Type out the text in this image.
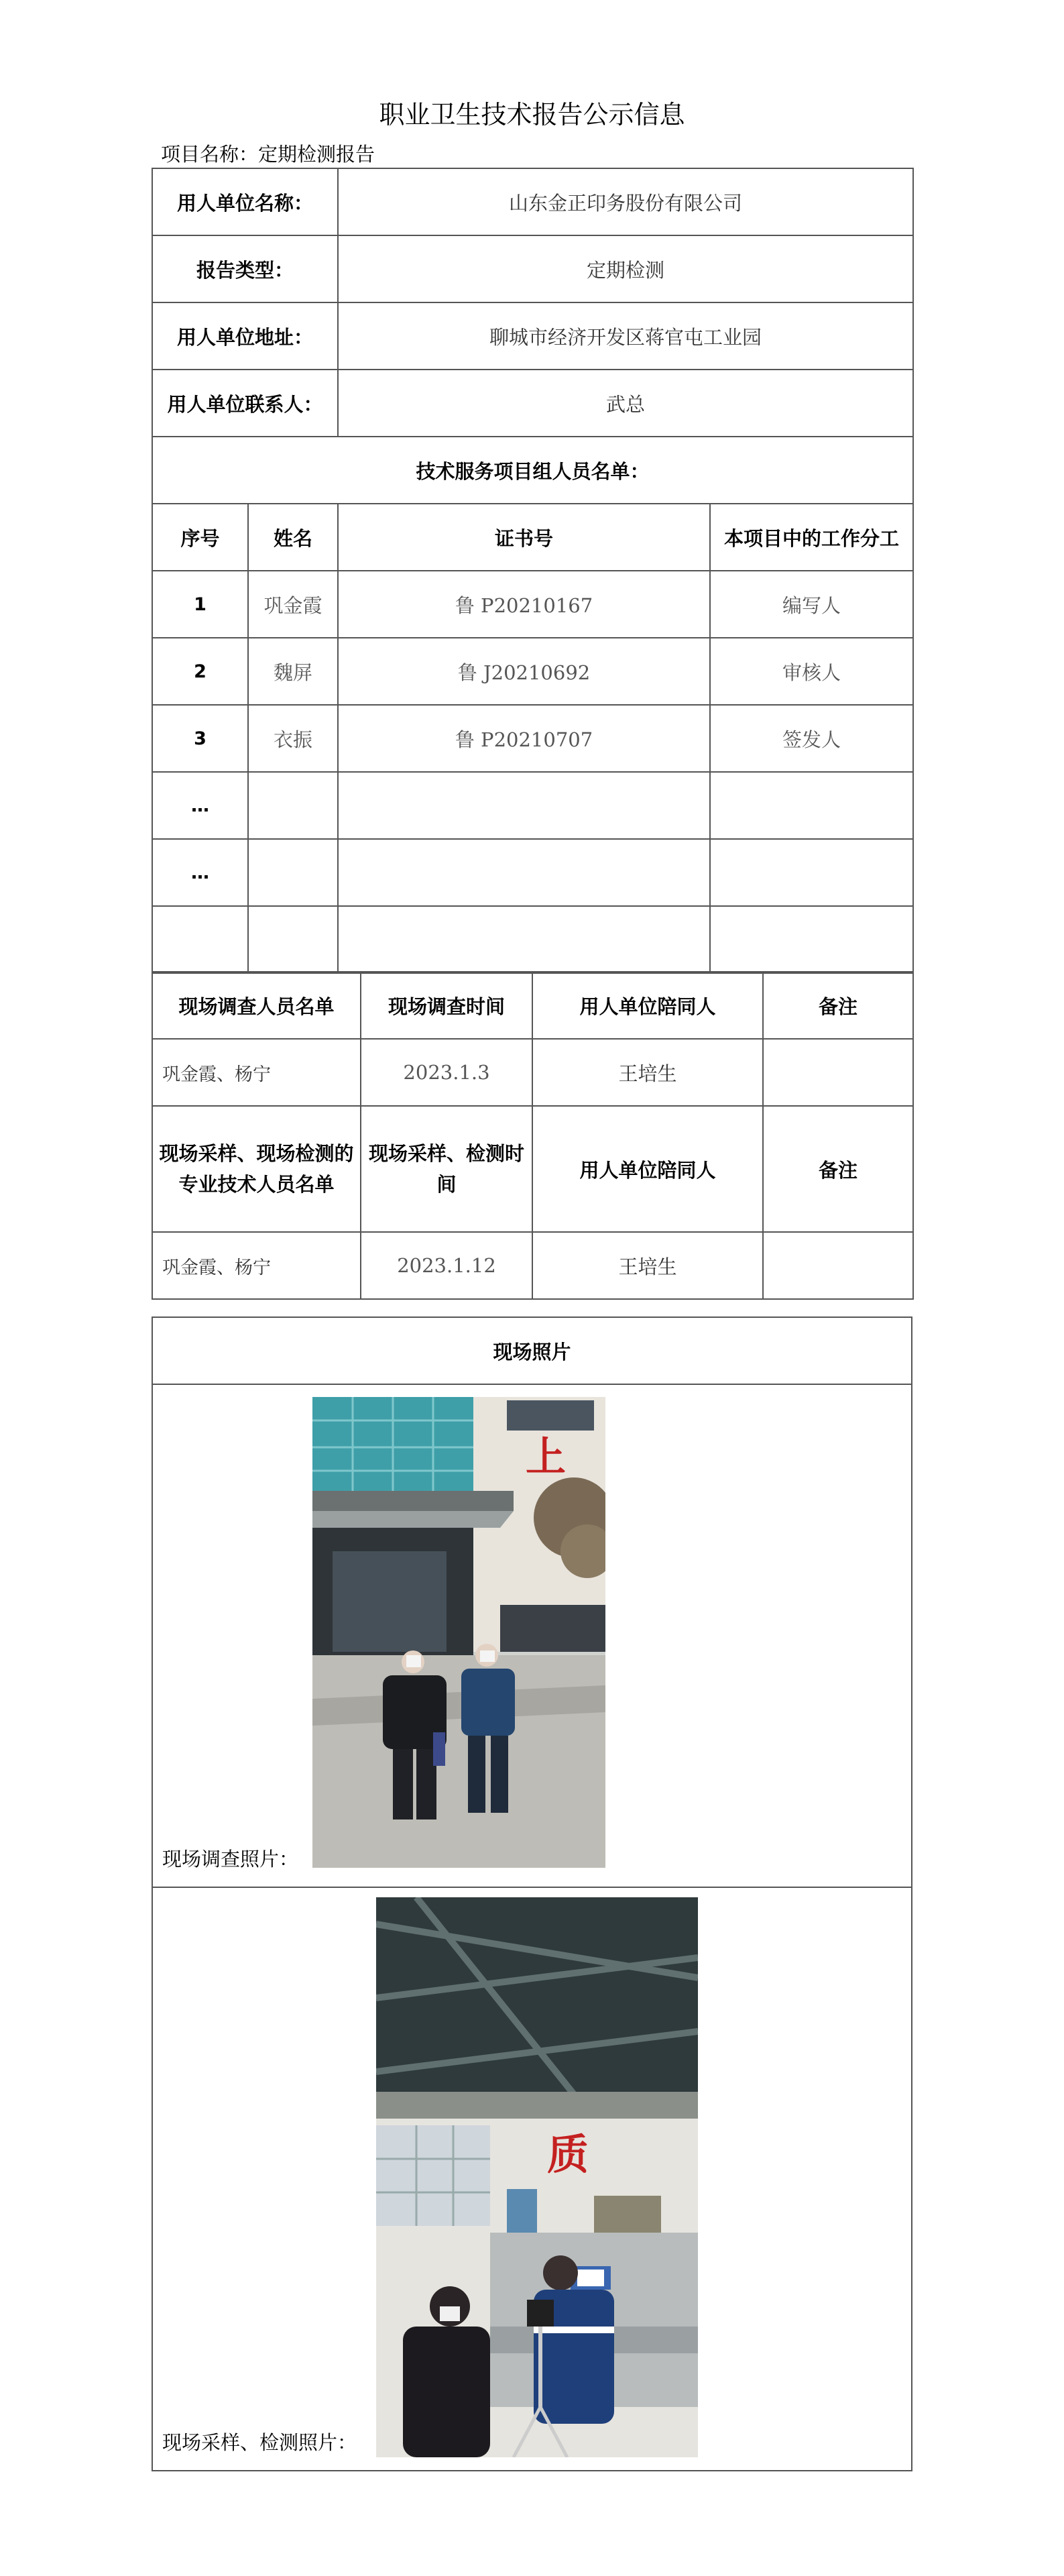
职业卫生技术报告公示信息
项目名称：定期检测报告
用人单位名称：		山东金正印务股份有限公司	
报告类型：		定期检测	
用人单位地址：		聊城市经济开发区蒋官屯工业园	
用人单位联系人：		武总	
技术服务项目组人员名单：			
序号	姓名	证书号	本项目中的工作分工
1	巩金霞	鲁 P20210167	编写人
2	魏屏	鲁 J20210692	审核人
3	衣振	鲁 P20210707	签发人
…			
…			

现场调查人员名单	现场调查时间	用人单位陪同人	备注
巩金霞、杨宁	2023.1.3	王培生	
现场采样、现场检测的专业技术人员名单	现场采样、检测时间	用人单位陪同人	备注
巩金霞、杨宁	2023.1.12	王培生	
现场照片

现场调查照片：
上

现场采样、检测照片：
质
